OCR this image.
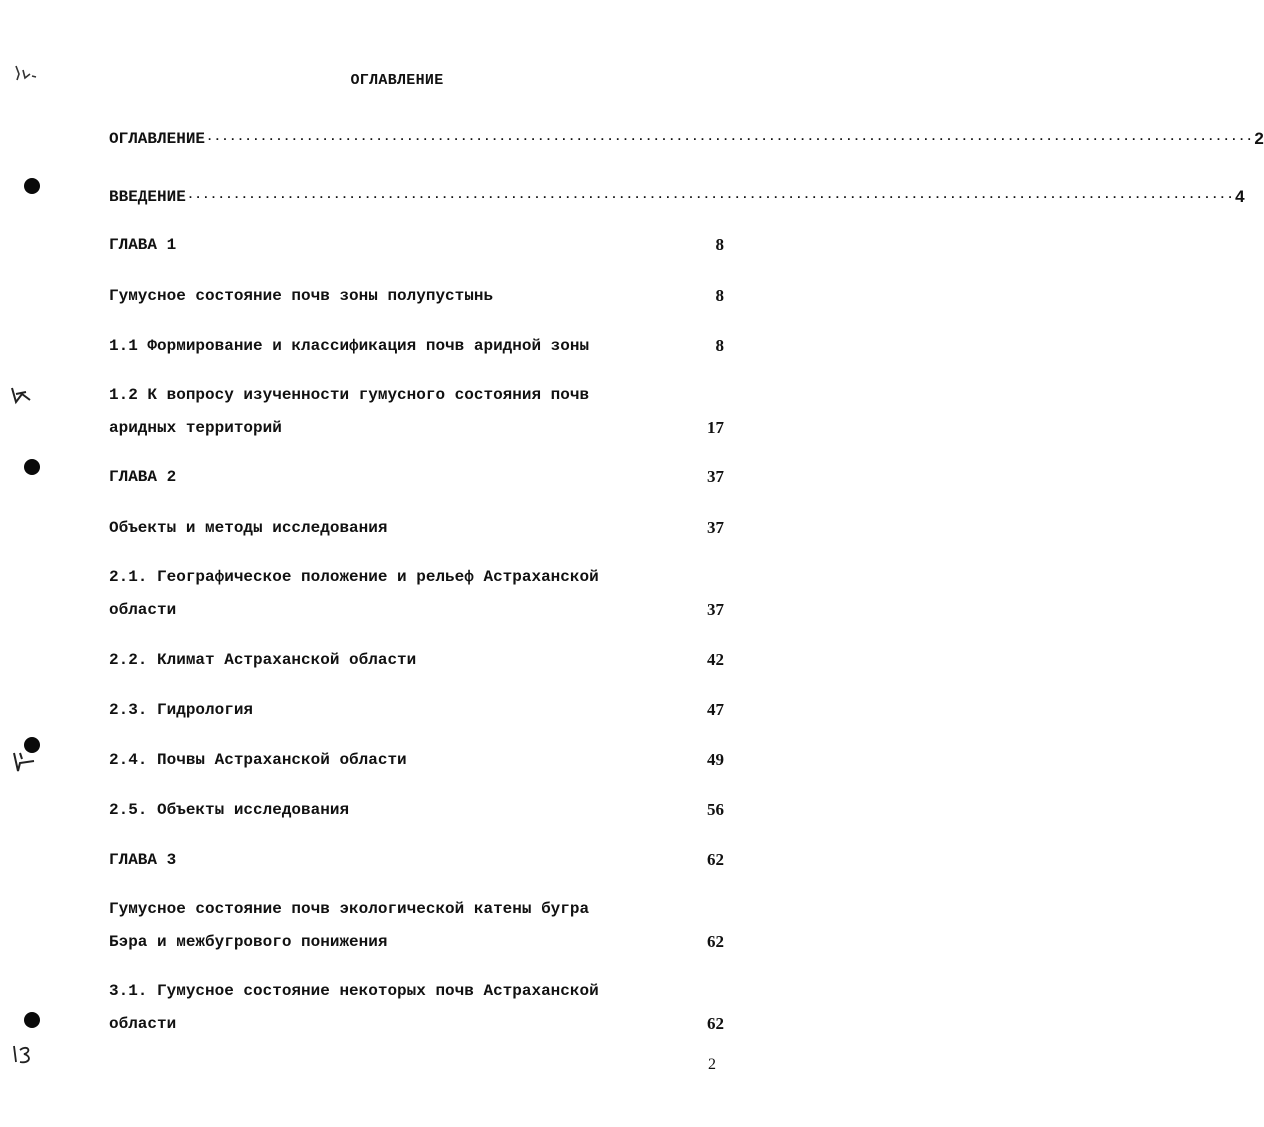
ОГЛАВЛЕНИЕ
ОГЛАВЛЕНИЕ ........................................................................................................................................ 2
ВВЕДЕНИЕ ........................................................................................................................................ 4
ГЛАВА 1	8
Гумусное состояние почв зоны полупустынь	8
1.1 Формирование и классификация почв аридной зоны	8
1.2 К вопросу изученности гумусного состояния почв
аридных территорий	17
ГЛАВА 2	37
Объекты и методы исследования	37
2.1. Географическое положение и рельеф Астраханской
области	37
2.2. Климат Астраханской области	42
2.3. Гидрология	47
2.4. Почвы Астраханской области	49
2.5. Объекты исследования	56
ГЛАВА 3	62
Гумусное состояние почв экологической катены бугра
Бэра и межбугрового понижения	62
3.1. Гумусное состояние некоторых почв Астраханской
области	62
2
